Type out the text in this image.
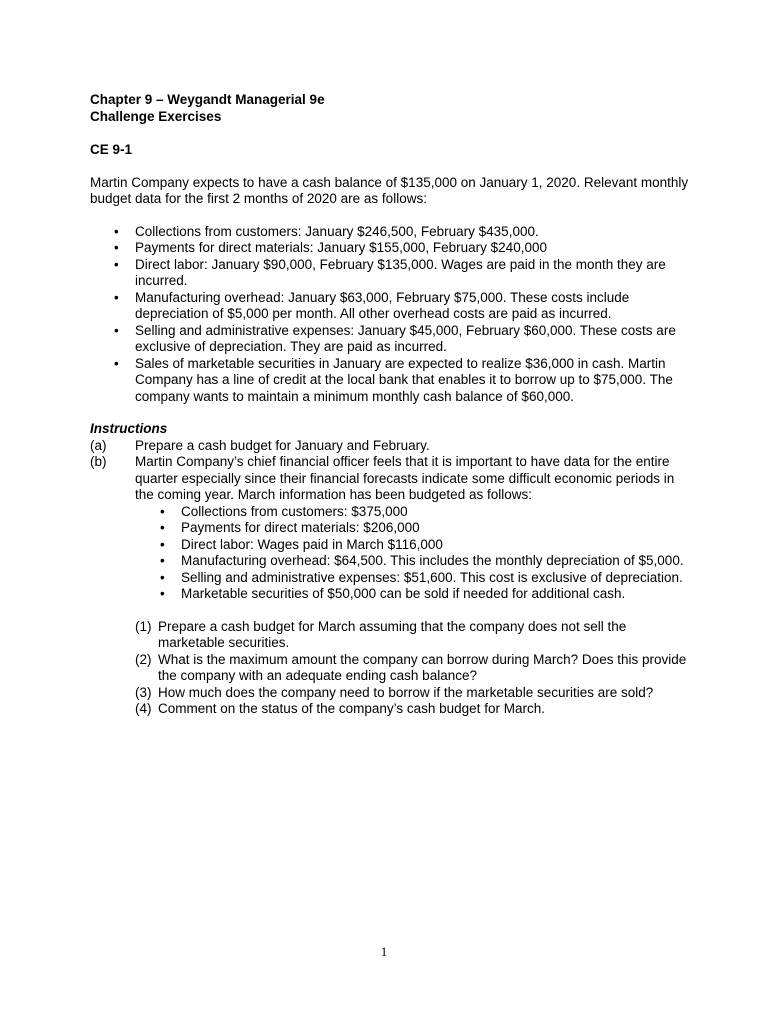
Chapter 9 – Weygandt Managerial 9e

Challenge Exercises

CE 9-1

Martin Company expects to have a cash balance of $135,000 on January 1, 2020. Relevant monthly budget data for the first 2 months of 2020 are as follows:

• Collections from customers: January $246,500, February $435,000.
• Payments for direct materials: January $155,000, February $240,000
• Direct labor: January $90,000, February $135,000. Wages are paid in the month they are incurred.
• Manufacturing overhead: January $63,000, February $75,000. These costs include depreciation of $5,000 per month. All other overhead costs are paid as incurred.
• Selling and administrative expenses: January $45,000, February $60,000. These costs are exclusive of depreciation. They are paid as incurred.
• Sales of marketable securities in January are expected to realize $36,000 in cash. Martin Company has a line of credit at the local bank that enables it to borrow up to $75,000. The company wants to maintain a minimum monthly cash balance of $60,000.

Instructions

(a) Prepare a cash budget for January and February.
(b) Martin Company’s chief financial officer feels that it is important to have data for the entire quarter especially since their financial forecasts indicate some difficult economic periods in the coming year. March information has been budgeted as follows:
• Collections from customers: $375,000
• Payments for direct materials: $206,000
• Direct labor: Wages paid in March $116,000
• Manufacturing overhead: $64,500. This includes the monthly depreciation of $5,000.
• Selling and administrative expenses: $51,600. This cost is exclusive of depreciation.
• Marketable securities of $50,000 can be sold if needed for additional cash.
(1) Prepare a cash budget for March assuming that the company does not sell the marketable securities.
(2) What is the maximum amount the company can borrow during March? Does this provide the company with an adequate ending cash balance?
(3) How much does the company need to borrow if the marketable securities are sold?
(4) Comment on the status of the company’s cash budget for March.
1
